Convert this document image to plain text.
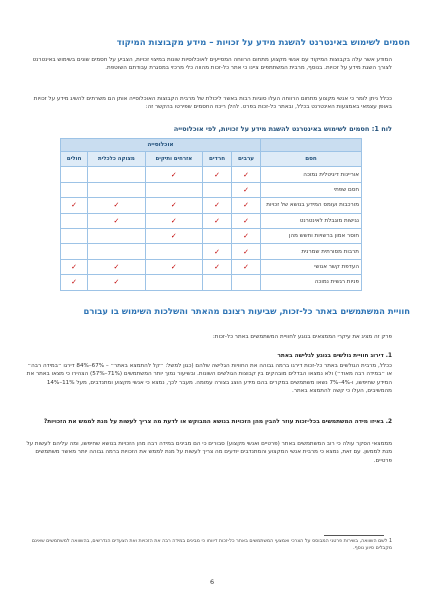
חסמים לשימוש באינטרנט להשגת מידע על זכויות – מידע מקבוצות המיקוד
המודע אשר עלה בקבוצות המיקוד עם אנשי מקצוע מתחום הרווחה המסייעים לאוכלוסיות שונות במיצוי זכויות, הצביע על חסמים שונים בשימוש באינטרנט לצורך השגת מידע על זכויות. בנוסף, מרבית המשתתפים ציינו כי אתר כל-זכות מהווה כלי מרכזי במסגרת עבודתם השוטפת.
ככלל ניתן לומר כי אנשי מקצוע מתחום הרווחה העלו סוגיות רבות באשר ליכולת של מרבית הקבוצות האוכלוסייה אותן הם משרתים להשיג מידע על זכויות באופן עצמאי באמצעות האינטרנט בכלל, ובאתר כל-זכות בפרט. להלן ריכוז החסמים שפירטו בהקשר זה:
לוח 1: חסמים לשימוש באינטרנט להשגת מידע על זכויות, לפי אוכלוסייה
	אוכלוסייה				
חסם	ערבים	חרדים	אזרחים ותיקים	מצוקה כלכלית	חולים
אוריינות דיגיטלית נמוכה	✓	✓	✓		
חסם שפתי	✓				
מורכבות ועומס המידע בנושא של זכויות	✓	✓	✓	✓	✓
נגישות מוגבלת לאינטרנט	✓	✓	✓	✓	
חוסר אמון ברשויות וחשש מהן	✓		✓		
תרבות מסורתית שמרנית	✓	✓			
העדפת קשר אנושי	✓	✓	✓	✓	✓
פניות רגשית נמוכה				✓	✓
חוויית המשתמשים באתר כל-זכות, שביעות רצונם מהאתר והשלכות השימוש בו עבורם
פרק זה מציג את עיקרי הממצאים בנוגע לחוויית המשתמשים באתר כל-זכות:
1. דירוג חוויית גולשים בנוגע לגלישה באתר
ככלל, מרבית הגולשים באתר כל-זכות דירגו ברמה גבוהה את החוויות הגלישה שלהם (כגון למשל: ״קל להתמצא באתר״ – 67%–84% דירגו ״במידה רבה״ או ״במידה רבה מאוד״) ולא נמצאו הבדלים מובהקים בין קבוצות הגולשים השונות. ובשיעור נמוך יותר המשתמשים (71%–57%) הצהירו כי מצאו באתר את המידע שחיפשו, ו-4%–7% נשאו משתמשים במקרים בהם מידע הוצג בצורה עמומה. מעבר לכך, נמצא כי אנשי מקצוע ומתנדבים, מעל 11%–14% מהמשיבים, העלו כי קשה להתמצא באתר.
2. באיזו מידה המשתמשים בכל-זכות עוזר להבין מהן הזכויות בנושא המבוקש או לדעת מה צריך לעשות על מנת לממש את הזכויות?
מממצאי הסקר עולה כי רוב המשתמשים באתר (פרטיים ואנשי מקצוע) סבורים כי הם מבינים במידה רבה מהן הזכויות בנושא שחיפשו, ומה עליהם לעשות על מנת לממשן. עם זאת, נמצא כי מרבית אנשי המקצוע והמתנדבים יודעים מה צריך לעשות על מנת לממש את הזכויות ברמה גבוהה יותר מאשר משתמשים פרטיים.
1 לשם השוואה, בשירות פרטני המבוסס על הצרכי ואמצעי המשתמשים באתר כל-זכות דיווחו כי מבינים במידה רבה את הזכויות ואת הצעדים הנדרשים, בהשוואה למשתמשים שאינם מקבלים סיוע נוסף.
6
